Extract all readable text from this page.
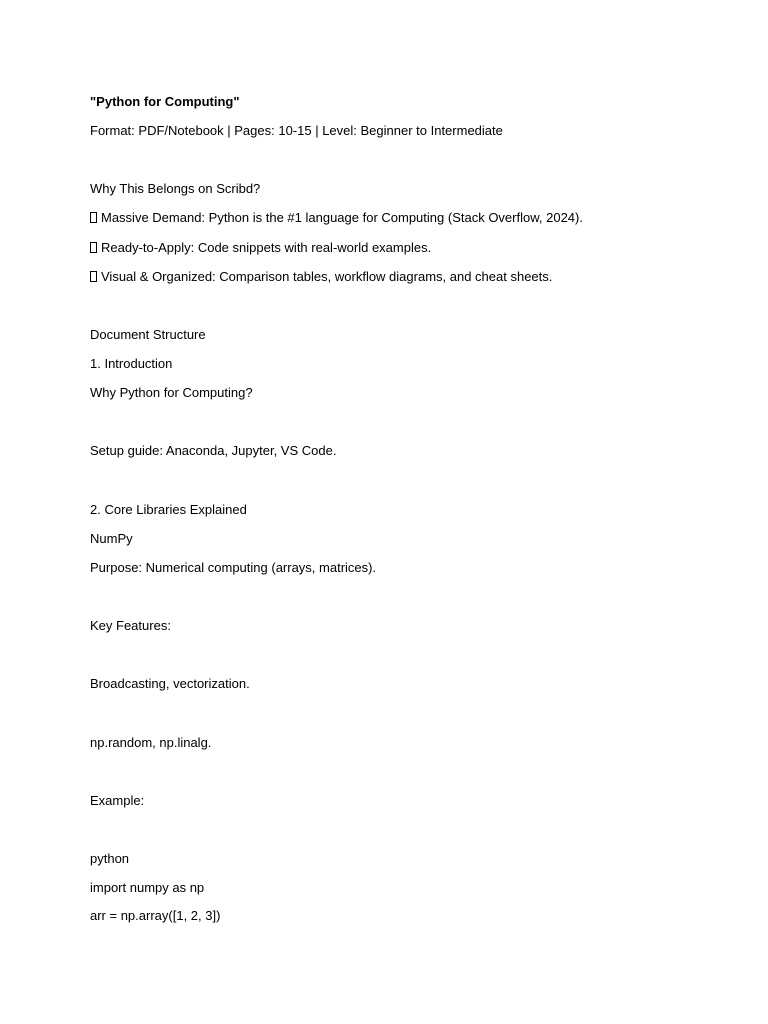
"Python for Computing"
Format: PDF/Notebook | Pages: 10-15 | Level: Beginner to Intermediate
Why This Belongs on Scribd?
Massive Demand: Python is the #1 language for Computing (Stack Overflow, 2024).
Ready-to-Apply: Code snippets with real-world examples.
Visual & Organized: Comparison tables, workflow diagrams, and cheat sheets.
Document Structure
1. Introduction
Why Python for Computing?
Setup guide: Anaconda, Jupyter, VS Code.
2. Core Libraries Explained
NumPy
Purpose: Numerical computing (arrays, matrices).
Key Features:
Broadcasting, vectorization.
np.random, np.linalg.
Example:
python
import numpy as np
arr = np.array([1, 2, 3])
